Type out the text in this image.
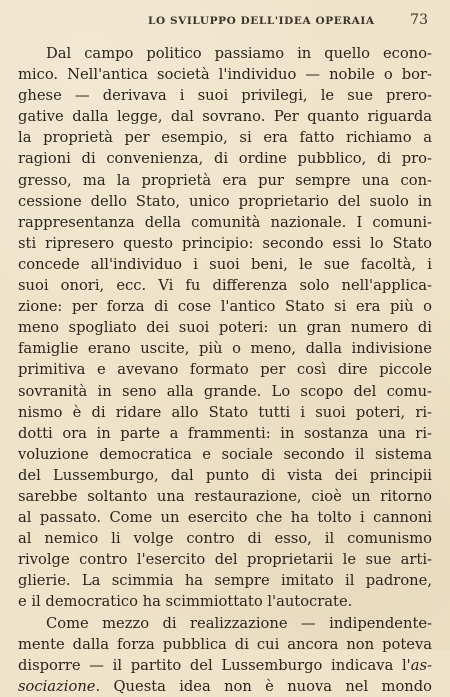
LO SVILUPPO DELL'IDEA OPERAIA	73
Dal campo politico passiamo in quello econo-
mico. Nell'antica società l'individuo — nobile o bor-
ghese — derivava i suoi privilegi, le sue prero-
gative dalla legge, dal sovrano. Per quanto riguarda
la proprietà per esempio, si era fatto richiamo a
ragioni di convenienza, di ordine pubblico, di pro-
gresso, ma la proprietà era pur sempre una con-
cessione dello Stato, unico proprietario del suolo in
rappresentanza della comunità nazionale. I comuni-
sti ripresero questo principio: secondo essi lo Stato
concede all'individuo i suoi beni, le sue facoltà, i
suoi onori, ecc. Vi fu differenza solo nell'applica-
zione: per forza di cose l'antico Stato si era più o
meno spogliato dei suoi poteri: un gran numero di
famiglie erano uscite, più o meno, dalla indivisione
primitiva e avevano formato per così dire piccole
sovranità in seno alla grande. Lo scopo del comu-
nismo è di ridare allo Stato tutti i suoi poteri, ri-
dotti ora in parte a frammenti: in sostanza una ri-
voluzione democratica e sociale secondo il sistema
del Lussemburgo, dal punto di vista dei principii
sarebbe soltanto una restaurazione, cioè un ritorno
al passato. Come un esercito che ha tolto i cannoni
al nemico li volge contro di esso, il comunismo
rivolge contro l'esercito del proprietarii le sue arti-
glierie. La scimmia ha sempre imitato il padrone,
e il democratico ha scimmiottato l'autocrate.
Come mezzo di realizzazione — indipendente-
mente dalla forza pubblica di cui ancora non poteva
disporre — il partito del Lussemburgo indicava l'as-
sociazione. Questa idea non è nuova nel mondo
